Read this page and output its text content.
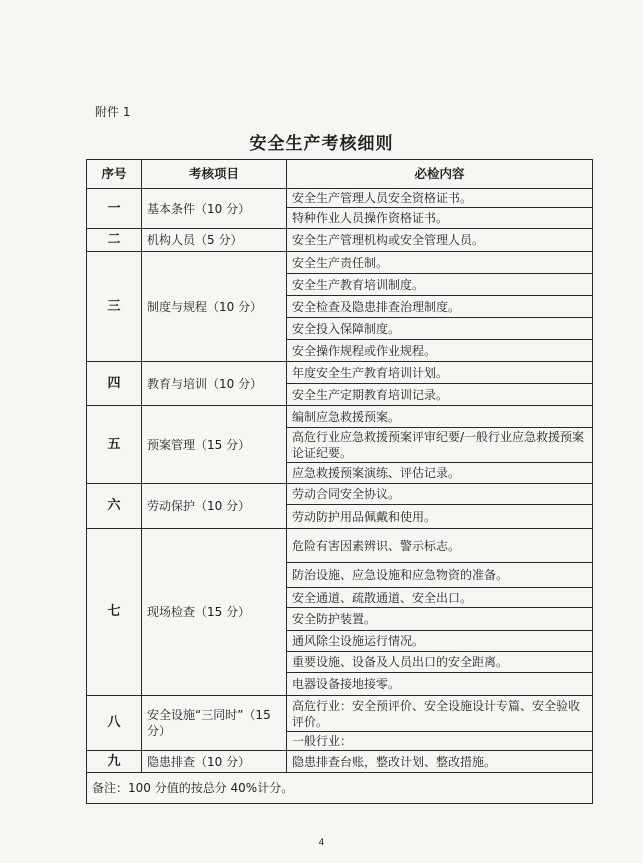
附件 1
安全生产考核细则
序号	考核项目	必检内容
一	基本条件（10 分）	安全生产管理人员安全资格证书。
		特种作业人员操作资格证书。
二	机构人员（5 分）	安全生产管理机构或安全管理人员。
三	制度与规程（10 分）	安全生产责任制。
		安全生产教育培训制度。
		安全检查及隐患排查治理制度。
		安全投入保障制度。
		安全操作规程或作业规程。
四	教育与培训（10 分）	年度安全生产教育培训计划。
		安全生产定期教育培训记录。
五	预案管理（15 分）	编制应急救援预案。
		高危行业应急救援预案评审纪要/一般行业应急救援预案论证纪要。
		应急救援预案演练、评估记录。
六	劳动保护（10 分）	劳动合同安全协议。
		劳动防护用品佩戴和使用。
七	现场检查（15 分）	危险有害因素辨识、警示标志。
		防治设施、应急设施和应急物资的准备。
		安全通道、疏散通道、安全出口。
		安全防护装置。
		通风除尘设施运行情况。
		重要设施、设备及人员出口的安全距离。
		电器设备接地接零。
八	安全设施“三同时”（15 分）	高危行业：安全预评价、安全设施设计专篇、安全验收评价。
		一般行业：
九	隐患排查（10 分）	隐患排查台账，整改计划、整改措施。
备注：100 分值的按总分 40%计分。		
4
